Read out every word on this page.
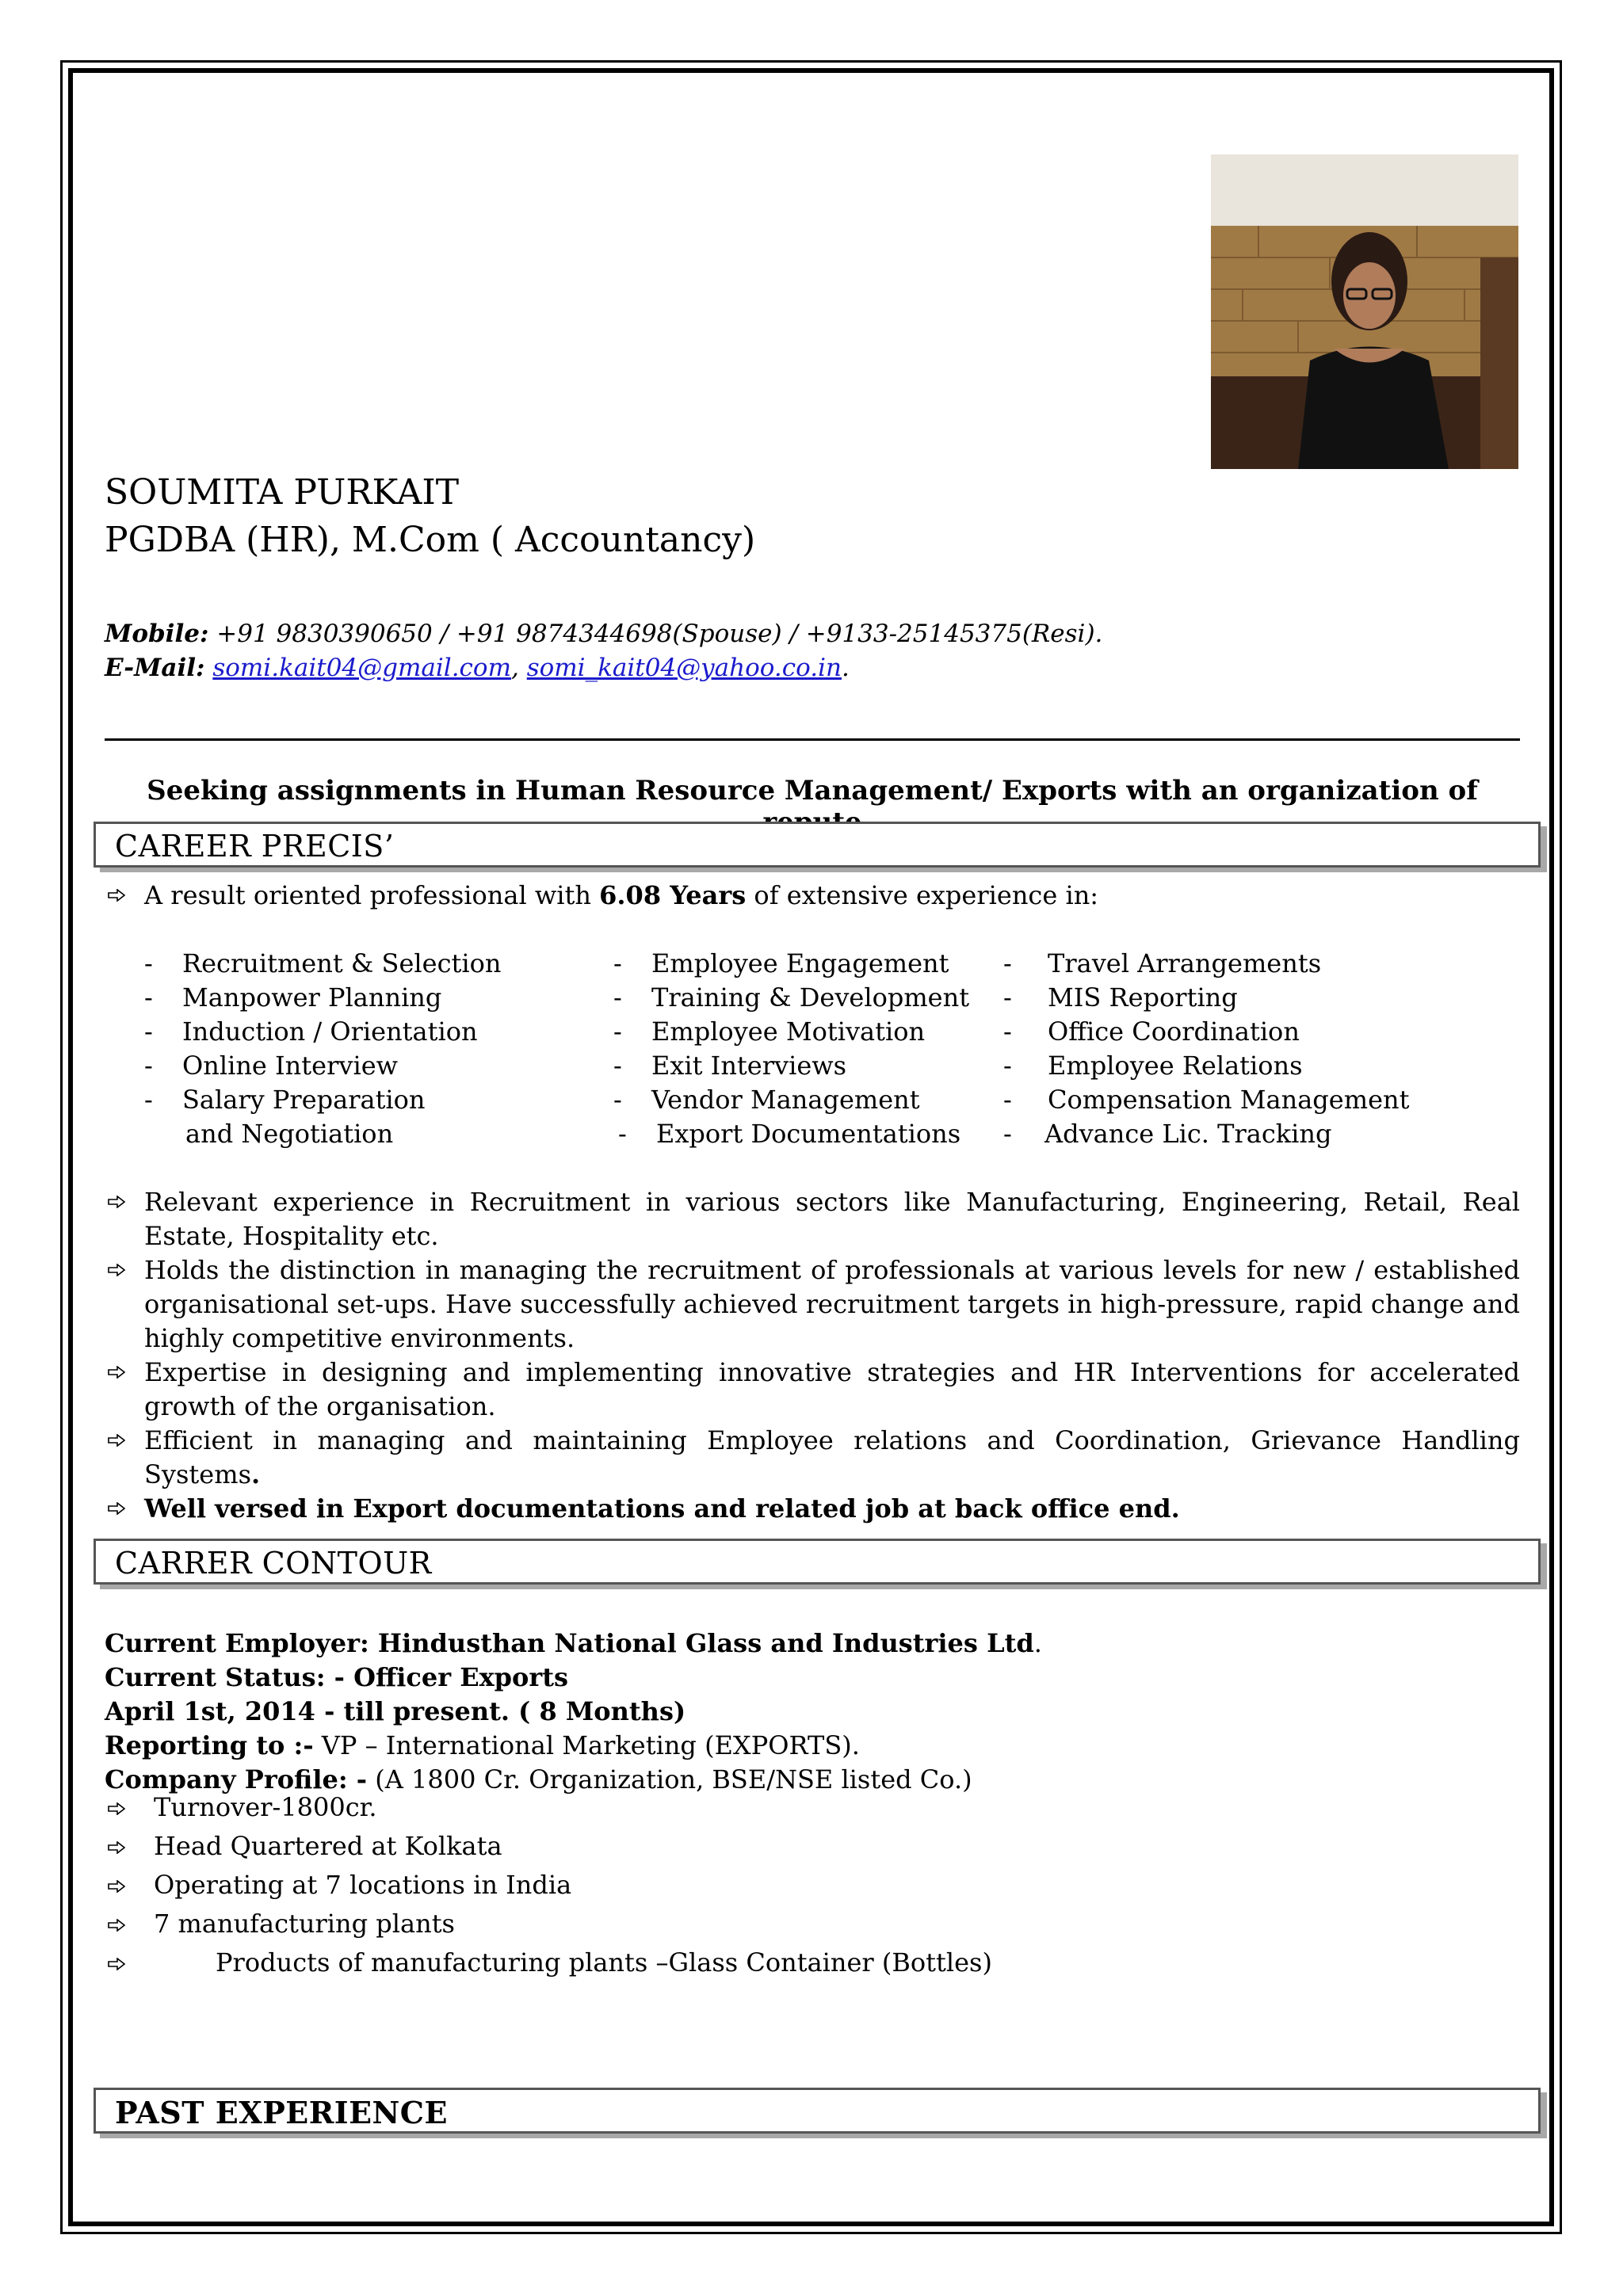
SOUMITA PURKAIT
PGDBA (HR), M.Com ( Accountancy)
Mobile: +91 9830390650 / +91 9874344698(Spouse) / +9133-25145375(Resi).
E-Mail: somi.kait04@gmail.com, somi_kait04@yahoo.co.in.
Seeking assignments in Human Resource Management/ Exports with an organization of
CAREER PRECIS’
A result oriented professional with 6.08 Years of extensive experience in:
- Recruitment & Selection
- Manpower Planning
- Induction / Orientation
- Online Interview
- Salary Preparation
and Negotiation
- Employee Engagement
- Training & Development
- Employee Motivation
- Exit Interviews
- Vendor Management
- Export Documentations
- Travel Arrangements
- MIS Reporting
- Office Coordination
- Employee Relations
- Compensation Management
- Advance Lic. Tracking
Relevant experience in Recruitment in various sectors like Manufacturing, Engineering, Retail, Real Estate, Hospitality etc.
Holds the distinction in managing the recruitment of professionals at various levels for new / established organisational set-ups. Have successfully achieved recruitment targets in high-pressure, rapid change and highly competitive environments.
Expertise in designing and implementing innovative strategies and HR Interventions for accelerated growth of the organisation.
Efficient in managing and maintaining Employee relations and Coordination, Grievance Handling Systems.
Well versed in Export documentations and related job at back office end.
CARRER CONTOUR
Current Employer: Hindusthan National Glass and Industries Ltd.
Current Status: - Officer Exports
April 1st, 2014 - till present. ( 8 Months)
Reporting to :- VP – International Marketing (EXPORTS).
Company Profile: - (A 1800 Cr. Organization, BSE/NSE listed Co.)
Turnover-1800cr.
Head Quartered at Kolkata
Operating at 7 locations in India
7 manufacturing plants
Products of manufacturing plants –Glass Container (Bottles)
PAST EXPERIENCE
